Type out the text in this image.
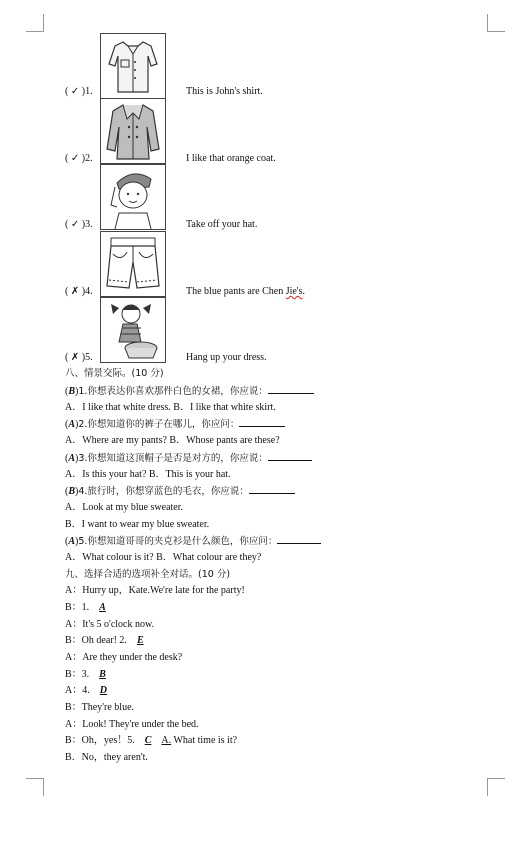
( ✓ )1.	This is John's shirt.
( ✓ )2.	I like that orange coat.
( ✓ )3.	Take off your hat.
( ✗ )4.	The blue pants are Chen Jie's.
( ✗ )5.	Hang up your dress.
八、情景交际。(10 分)
(B)1.你想表达你喜欢那件白色的女裙，你应说：
A．I like that white dress. B．I like that white skirt.
(A)2.你想知道你的裤子在哪儿，你应问：
A．Where are my pants? B．Whose pants are these?
(A)3.你想知道这顶帽子是否是对方的，你应说：
A．Is this your hat? B．This is your hat.
(B)4.旅行时，你想穿蓝色的毛衣，你应说：
A．Look at my blue sweater.
B．I want to wear my blue sweater.
(A)5.你想知道哥哥的夹克衫是什么颜色，你应问：
A．What colour is it? B．What colour are they?
九、选择合适的选项补全对话。(10 分)
A：Hurry up，Kate.We're late for the party!
B：1. A
A：It's 5 o'clock now.
B：Oh dear! 2. E
A：Are they under the desk?
B：3. B
A：4. D
B：They're blue.
A：Look! They're under the bed.
B：Oh，yes！5. C A. What time is it?
B．No，they aren't.
